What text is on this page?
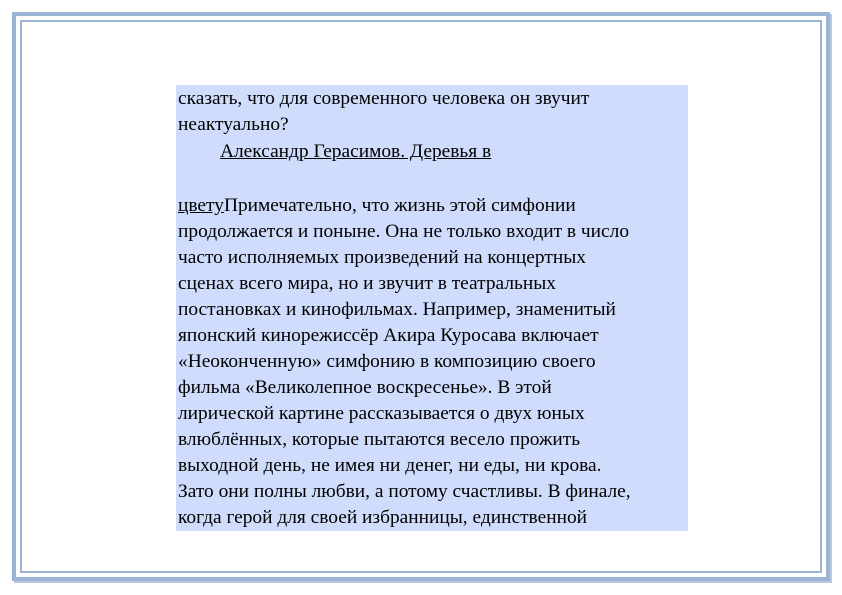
сказать, что для современного человека он звучит
неактуально?
Александр Герасимов. Деревья в
цветуПримечательно, что жизнь этой симфонии
продолжается и поныне. Она не только входит в число
часто исполняемых произведений на концертных
сценах всего мира, но и звучит в театральных
постановках и кинофильмах. Например, знаменитый
японский кинорежиссёр Акира Куросава включает
«Неоконченную» симфонию в композицию своего
фильма «Великолепное воскресенье». В этой
лирической картине рассказывается о двух юных
влюблённых, которые пытаются весело прожить
выходной день, не имея ни денег, ни еды, ни крова.
Зато они полны любви, а потому счастливы. В финале,
когда герой для своей избранницы, единственной
